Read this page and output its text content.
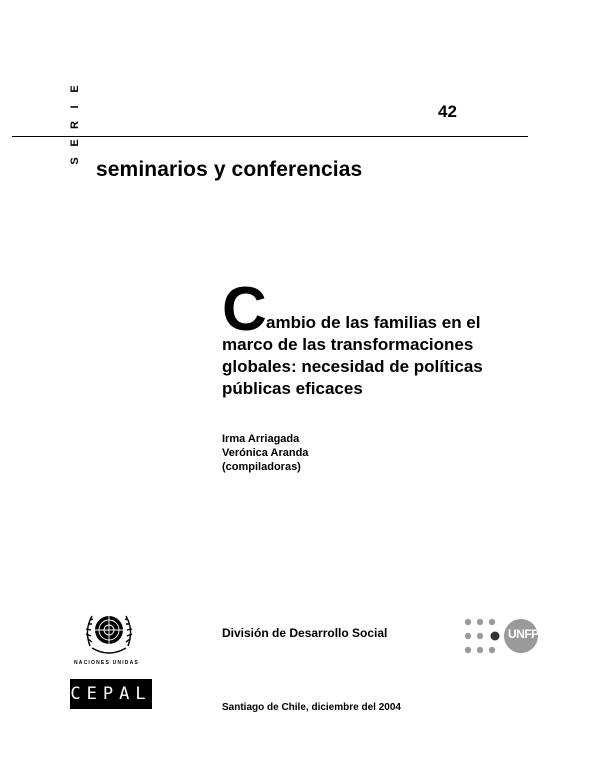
E
I
R
E
S
42
seminarios y conferencias
C ambio de las familias en el
marco de las transformaciones globales: necesidad de políticas públicas eficaces

Irma Arriagada
Verónica Aranda
(compiladoras)
NACIONES UNIDAS
CEPAL
División de Desarrollo Social
Santiago de Chile, diciembre del 2004
UNFPA
